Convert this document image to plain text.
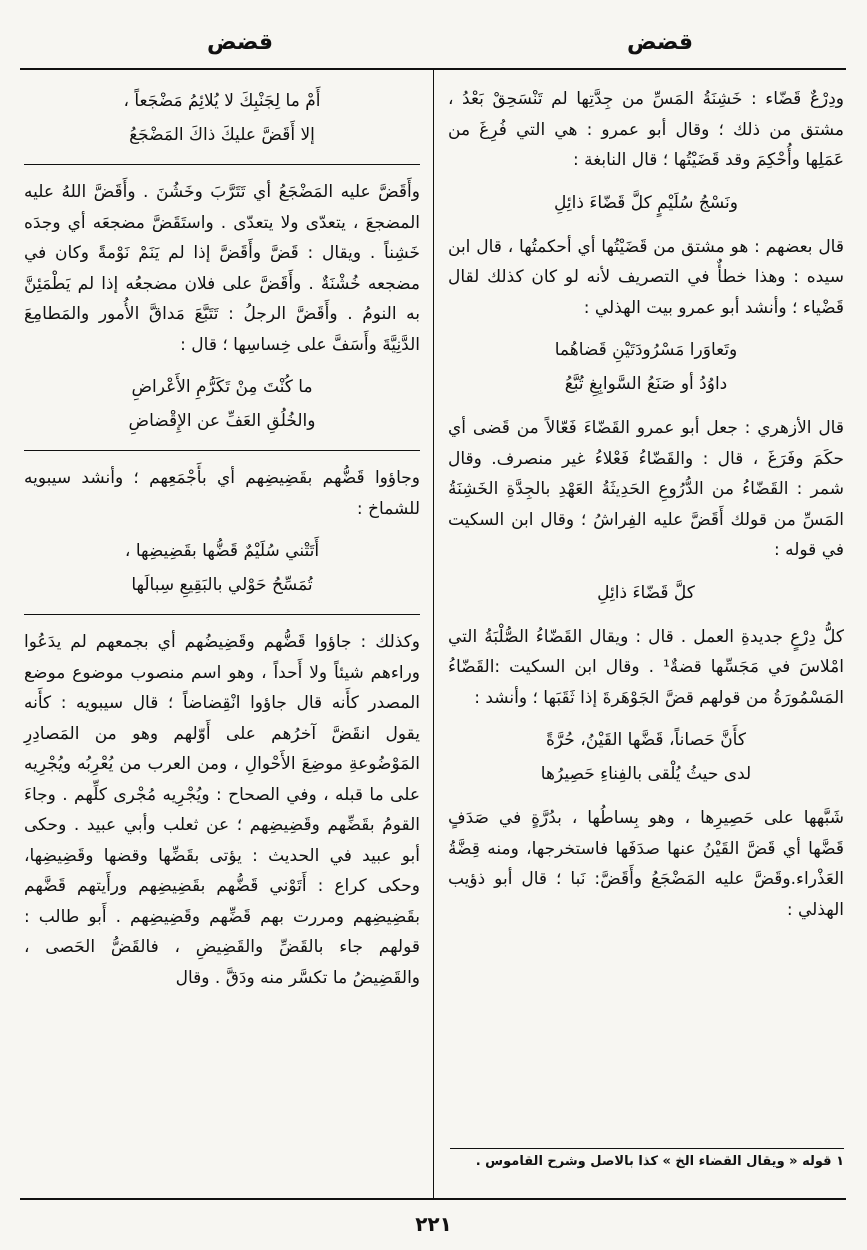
قضض
قضض

ودِرْعٌ قَضّاء : خَشِنَةُ المَسِّ من جِدَّتِها لم تَنْسَحِقْ بَعْدُ ، مشتق من ذلك ؛ وقال أبو عمرو : هي التي فُرِغَ من عَمَلِها وأُحْكِمَ وقد قَضَيْتُها ؛ قال النابغة :

ونَسْجُ سُلَيْمٍ كلَّ قَضّاءَ ذائِلِ

قال بعضهم : هو مشتق من قَضَيْتُها أي أحكمتُها ، قال ابن سيده : وهذا خطأٌ في التصريف لأنه لو كان كذلك لقال قَضْياء ؛ وأنشد أبو عمرو بيت الهذلي :

وتَعاوَرا مَسْرُودَتَيْنِ قَضاهُما
داوُدُ أو صَنَعُ السَّوابِغِ تُبَّعُ

قال الأزهري : جعل أبو عمرو القَضّاءَ فَعّالاً من قَضى أي حكَمَ وفَرَغَ ، قال : والقَضّاءُ فَعْلاءُ غير منصرف. وقال شمر : القَضّاءُ من الدُّرُوعِ الحَدِيثَةُ العَهْدِ بالجِدَّةِ الخَشِنَةُ المَسِّ من قولك أَقَضَّ عليه الفِراشُ ؛ وقال ابن السكيت في قوله :

كلَّ قَضّاءَ ذائِلِ

كلُّ دِرْعٍ جديدةِ العمل . قال : ويقال القَضّاءُ الصُّلْبَةُ التي امْلاسَ في مَجَسِّها قضةٌ¹ . وقال ابن السكيت :القَضّاءُ المَسْمُورَةُ من قولهم قضَّ الجَوْهَرةَ إذا ثَقَبَها ؛ وأنشد :

كأَنَّ حَصاناً، قَضَّها القَيْنُ، حُرَّةً
لدى حيثُ يُلْقى بالفِناءِ حَصِيرُها

شَبَّهها على حَصِيرِها ، وهو بِساطُها ، بدُرَّةٍ في صَدَفٍ قَضَّها أي قَضَّ القَيْنُ عنها صدَفَها فاستخرجها، ومنه قِضَّةُ العَذْراء.وقَضَّ عليه المَضْجَعُ وأَقَضَّ: نَبا ؛ قال أبو ذؤيب الهذلي :

أَمْ ما لِجَنْبِكَ لا يُلائِمُ مَضْجَعاً ،
إلا أَقَضَّ عليكَ ذاكَ المَضْجَعُ

وأَقَضَّ عليه المَضْجَعُ أي تَتَرَّبَ وخَشُنَ . وأَقَضَّ اللهُ عليه المضجعَ ، يتعدّى ولا يتعدّى . واستَقَضَّ مضجعَه أي وجدَه خَشِناً . ويقال : قَضَّ وأَقَضَّ إذا لم يَنَمْ نَوْمةً وكان في مضجعه خُشْنَةٌ . وأَقَضَّ على فلان مضجعُه إذا لم يَطْمَئِنَّ به النومُ . وأَقَضَّ الرجلُ : تَتَبَّعَ مَداقَّ الأُمور والمَطامِعَ الدَّنِيَّةَ وأَسَفَّ على خِساسِها ؛ قال :

ما كُنْتَ مِنْ تَكَرُّمِ الأَعْراضِ
والخُلُقِ العَفِّ عن الإِقْضاضِ

وجاؤوا قَضُّهم بقَضِيضِهم أي بأَجْمَعِهم ؛ وأنشد سيبويه للشماخ :

أَتَتْني سُلَيْمٌ قَضُّها بقَضِيضِها ،
تُمَسِّحُ حَوْلي بالبَقِيعِ سِبالَها

وكذلك : جاؤوا قَضُّهم وقَضِيضُهم أي بجمعهم لم يدَعُوا وراءهم شيئاً ولا أَحداً ، وهو اسم منصوب موضوع موضع المصدر كأَنه قال جاؤوا انْقِضاضاً ؛ قال سيبويه : كأَنه يقول انقَضَّ آخرُهم على أَوّلهم وهو من المَصادِرِ المَوْضُوعةِ موضِعَ الأَحْوالِ ، ومن العرب من يُعْرِبُه ويُجْرِيه على ما قبله ، وفي الصحاح : ويُجْرِيه مُجْرى كلِّهم . وجاءَ القومُ بقَضِّهم وقَضِيضِهم ؛ عن ثعلب وأبي عبيد . وحكى أبو عبيد في الحديث : يؤتى بقَضِّها وقضها وقَضِيضِها، وحكى كراع : أَتَوْني قَضُّهم بقَضِيضِهم ورأَيتهم قَضَّهم بقَضِيضِهم ومررت بهم قَضِّهم وقَضِيضِهم . أَبو طالب : قولهم جاء بالقَضِّ والقَضِيضِ ، فالقَضُّ الحَصى ، والقَضِيضُ ما تكسَّر منه ودَقَّ . وقال

١ قوله « ويقال القضاء الخ » كذا بالاصل وشرح القاموس .
٢٢١
